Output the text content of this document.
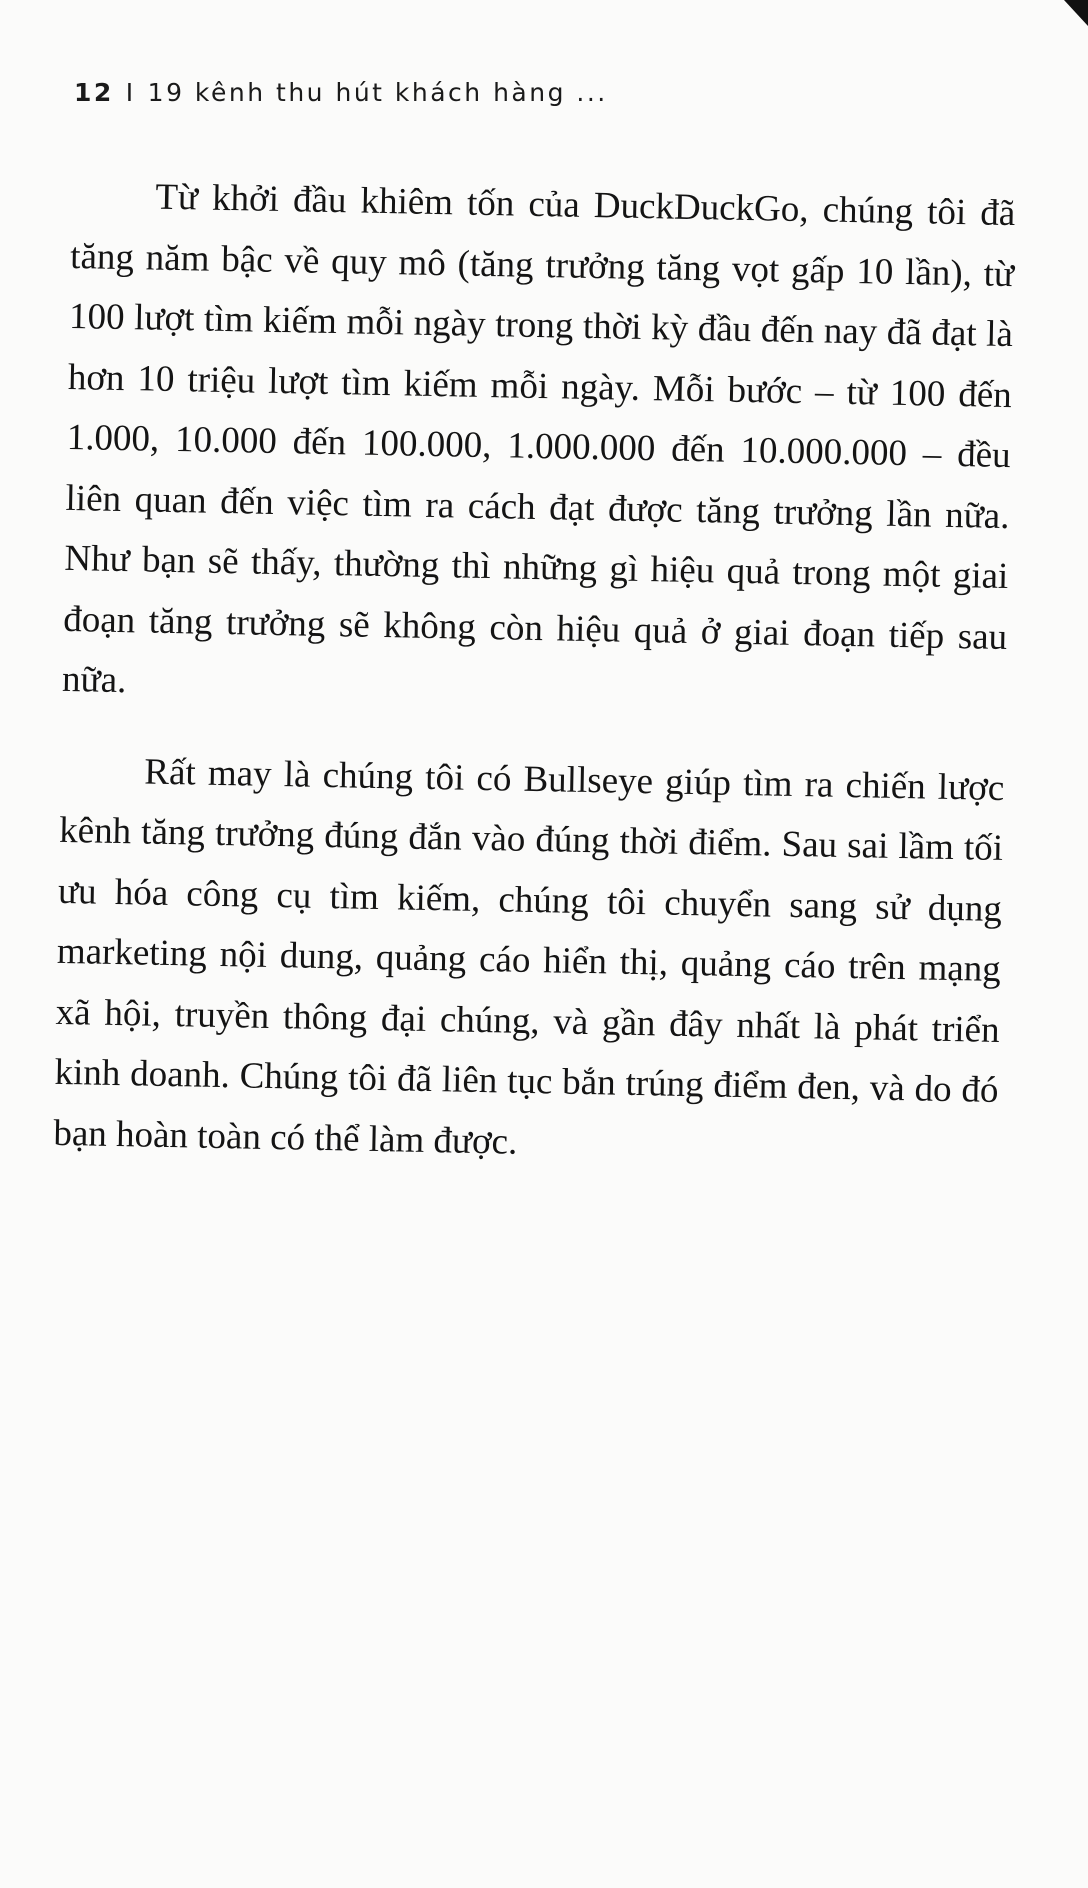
12 I 19 kênh thu hút khách hàng ...

Từ khởi đầu khiêm tốn của DuckDuckGo, chúng tôi đã tăng năm bậc về quy mô (tăng trưởng tăng vọt gấp 10 lần), từ 100 lượt tìm kiếm mỗi ngày trong thời kỳ đầu đến nay đã đạt là hơn 10 triệu lượt tìm kiếm mỗi ngày. Mỗi bước – từ 100 đến 1.000, 10.000 đến 100.000, 1.000.000 đến 10.000.000 – đều liên quan đến việc tìm ra cách đạt được tăng trưởng lần nữa. Như bạn sẽ thấy, thường thì những gì hiệu quả trong một giai đoạn tăng trưởng sẽ không còn hiệu quả ở giai đoạn tiếp sau nữa.

Rất may là chúng tôi có Bullseye giúp tìm ra chiến lược kênh tăng trưởng đúng đắn vào đúng thời điểm. Sau sai lầm tối ưu hóa công cụ tìm kiếm, chúng tôi chuyển sang sử dụng marketing nội dung, quảng cáo hiển thị, quảng cáo trên mạng xã hội, truyền thông đại chúng, và gần đây nhất là phát triển kinh doanh. Chúng tôi đã liên tục bắn trúng điểm đen, và do đó bạn hoàn toàn có thể làm được.
